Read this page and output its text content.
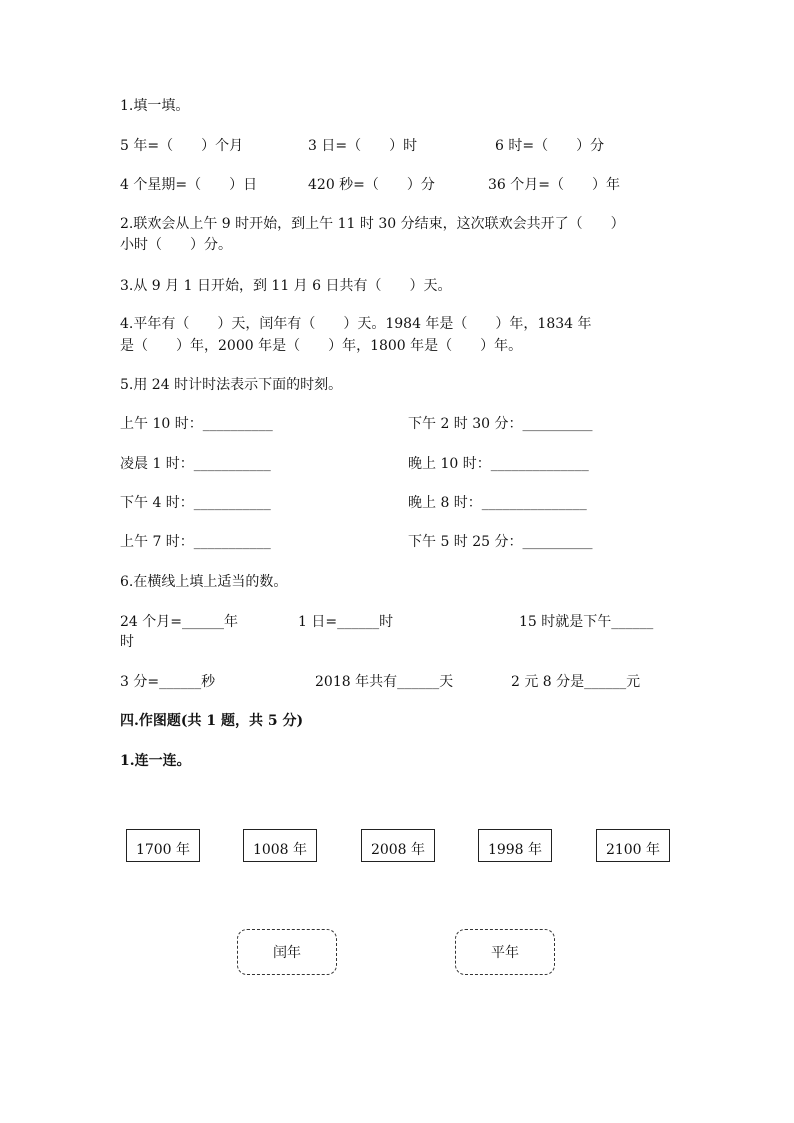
1.填一填。
5 年=（　　）个月	3 日=（　　）时	6 时=（　　）分
4 个星期=（　　）日	420 秒=（　　）分	36 个月=（　　）年
2.联欢会从上午 9 时开始，到上午 11 时 30 分结束，这次联欢会共开了（　　）
小时（　　）分。
3.从 9 月 1 日开始，到 11 月 6 日共有（　　）天。
4.平年有（　　）天，闰年有（　　）天。1984 年是（　　）年，1834 年
是（　　）年，2000 年是（　　）年，1800 年是（　　）年。
5.用 24 时计时法表示下面的时刻。
上午 10 时：__________	下午 2 时 30 分：__________
凌晨 1 时：___________	晚上 10 时：______________
下午 4 时：___________	晚上 8 时：_______________
上午 7 时：___________	下午 5 时 25 分：__________
6.在横线上填上适当的数。
24 个月=______年	1 日=______时	15 时就是下午______
时
3 分=______秒	2018 年共有______天	2 元 8 分是______元
四.作图题(共 1 题，共 5 分)
1.连一连。
1700 年	1008 年	2008 年	1998 年	2100 年
闰年	平年
